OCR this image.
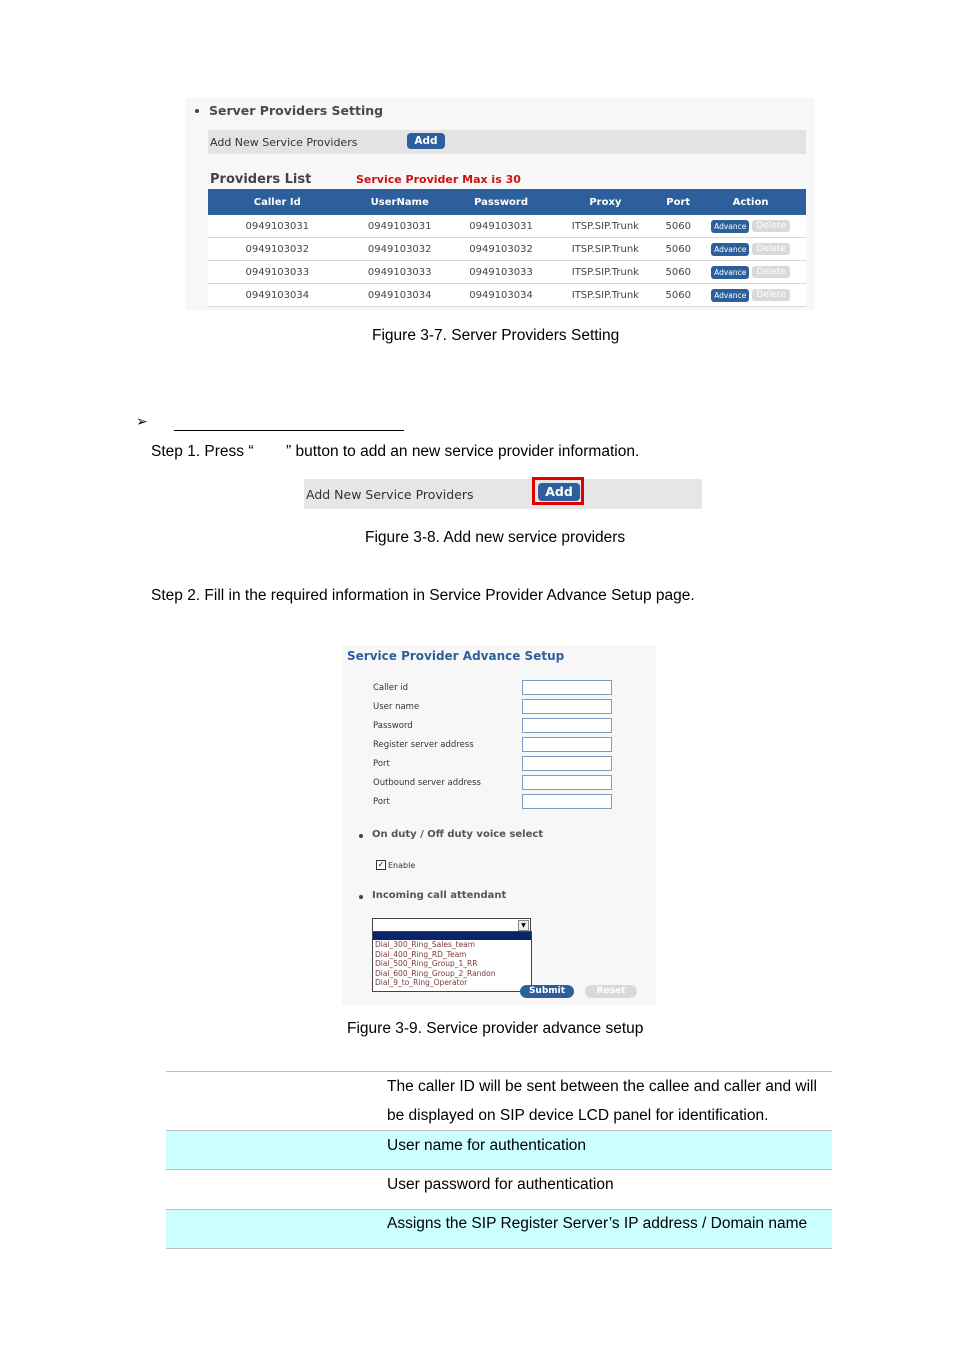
Server Providers Setting
Add New Service Providers	Add
Providers List	Service Provider Max is 30
Caller Id	UserName	Password	Proxy	Port	Action
0949103031	0949103031	0949103031	ITSP.SIP.Trunk	5060	Advance Delete
0949103032	0949103032	0949103032	ITSP.SIP.Trunk	5060	Advance Delete
0949103033	0949103033	0949103033	ITSP.SIP.Trunk	5060	Advance Delete
0949103034	0949103034	0949103034	ITSP.SIP.Trunk	5060	Advance Delete
Figure 3-7. Server Providers Setting
➢
Step 1. Press “ ” button to add an new service provider information.
Add New Service Providers	Add
Figure 3-8. Add new service providers
Step 2. Fill in the required information in Service Provider Advance Setup page.
Service Provider Advance Setup
Caller id
User name
Password
Register server address
Port
Outbound server address
Port
On duty / Off duty voice select
✓ Enable
Incoming call attendant
▼
Dial_300_Ring_Sales_team
Dial_400_Ring_RD_Team
Dial_500_Ring_Group_1_RR
Dial_600_Ring_Group_2_Randon
Dial_9_to_Ring_Operator
Submit	Reset
Figure 3-9. Service provider advance setup
The caller ID will be sent between the callee and caller and will
be displayed on SIP device LCD panel for identification.
User name for authentication
User password for authentication
Assigns the SIP Register Server’s IP address / Domain name
